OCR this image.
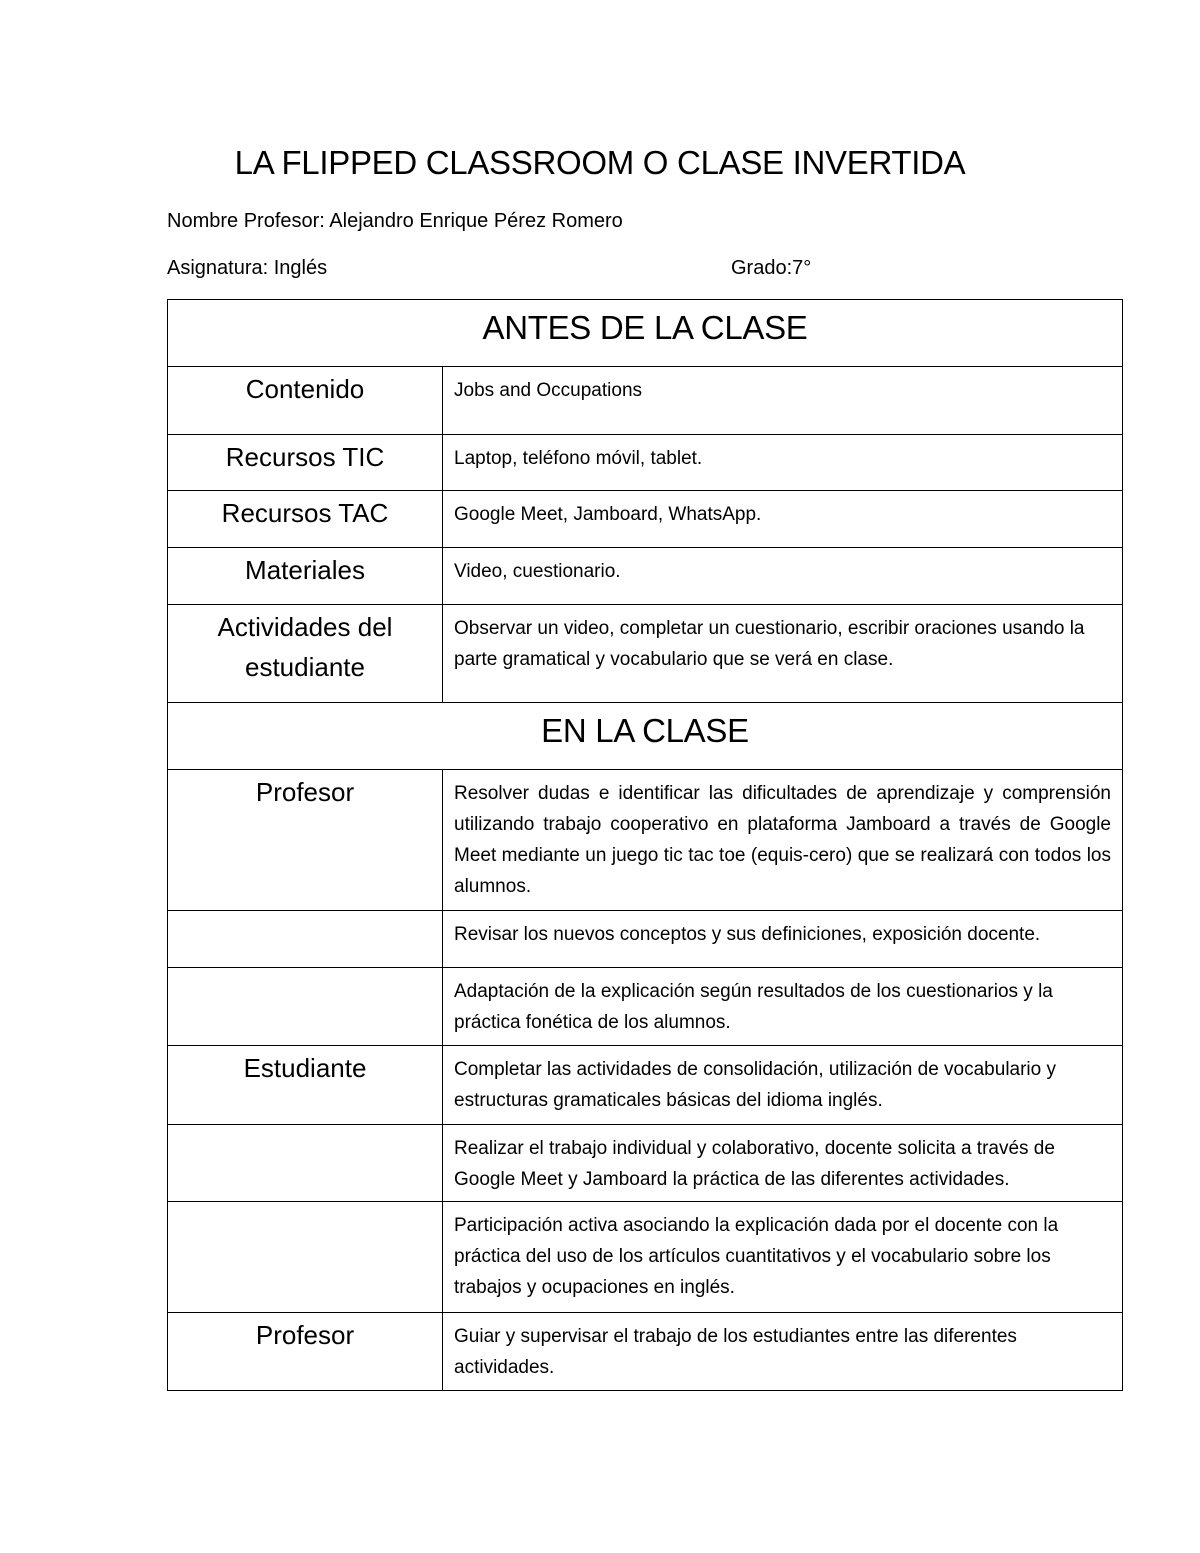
LA FLIPPED CLASSROOM O CLASE INVERTIDA
Nombre Profesor: Alejandro Enrique Pérez Romero
Asignatura: Inglés	Grado:7°
ANTES DE LA CLASE	
Contenido	Jobs and Occupations
Recursos TIC	Laptop, teléfono móvil, tablet.
Recursos TAC	Google Meet, Jamboard, WhatsApp.
Materiales	Video, cuestionario.

Actividades del
estudiante	Observar un video, completar un cuestionario, escribir oraciones usando la parte gramatical y vocabulario que se verá en clase.
EN LA CLASE	
Profesor	Resolver dudas e identificar las dificultades de aprendizaje y comprensión utilizando trabajo cooperativo en plataforma Jamboard a través de Google Meet mediante un juego tic tac toe (equis-cero) que se realizará con todos los alumnos.
	Revisar los nuevos conceptos y sus definiciones, exposición docente.
	Adaptación de la explicación según resultados de los cuestionarios y la práctica fonética de los alumnos.
Estudiante	Completar las actividades de consolidación, utilización de vocabulario y estructuras gramaticales básicas del idioma inglés.
	Realizar el trabajo individual y colaborativo, docente solicita a través de Google Meet y Jamboard la práctica de las diferentes actividades.
	Participación activa asociando la explicación dada por el docente con la práctica del uso de los artículos cuantitativos y el vocabulario sobre los trabajos y ocupaciones en inglés.
Profesor	Guiar y supervisar el trabajo de los estudiantes entre las diferentes actividades.
